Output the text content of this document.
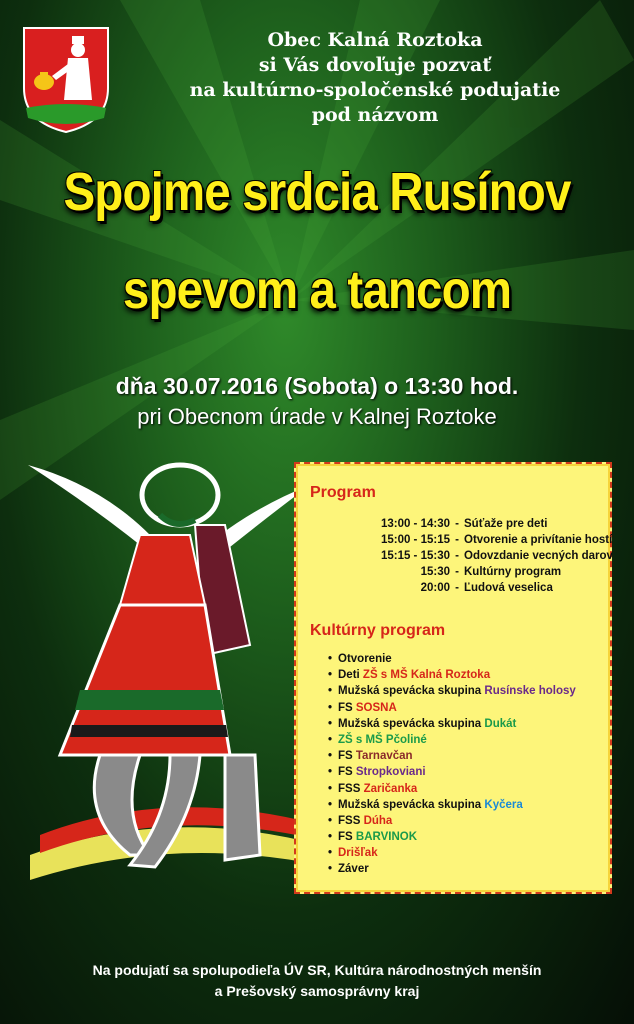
Obec Kalná Roztoka
si Vás dovoľuje pozvať
na kultúrno-spoločenské podujatie
pod názvom
Spojme srdcia Rusínov
spevom a tancom
dňa 30.07.2016 (Sobota) o 13:30 hod.
pri Obecnom úrade v Kalnej Roztoke
Program
13:00 - 14:30 - Súťaže pre deti
15:00 - 15:15 - Otvorenie a privítanie hostí
15:15 - 15:30 - Odovzdanie vecných darov
15:30 - Kultúrny program
20:00 - Ľudová veselica
Kultúrny program
• Otvorenie
• Deti ZŠ s MŠ Kalná Roztoka
• Mužská spevácka skupina Rusínske holosy
• FS SOSNA
• Mužská spevácka skupina Dukát
• ZŠ s MŠ Pčoliné
• FS Tarnavčan
• FS Stropkoviani
• FSS Zaričanka
• Mužská spevácka skupina Kyčera
• FSS Dúha
• FS BARVINOK
• Drišľak
• Záver
Na podujatí sa spolupodieľa ÚV SR, Kultúra národnostných menšín
a Prešovský samosprávny kraj
